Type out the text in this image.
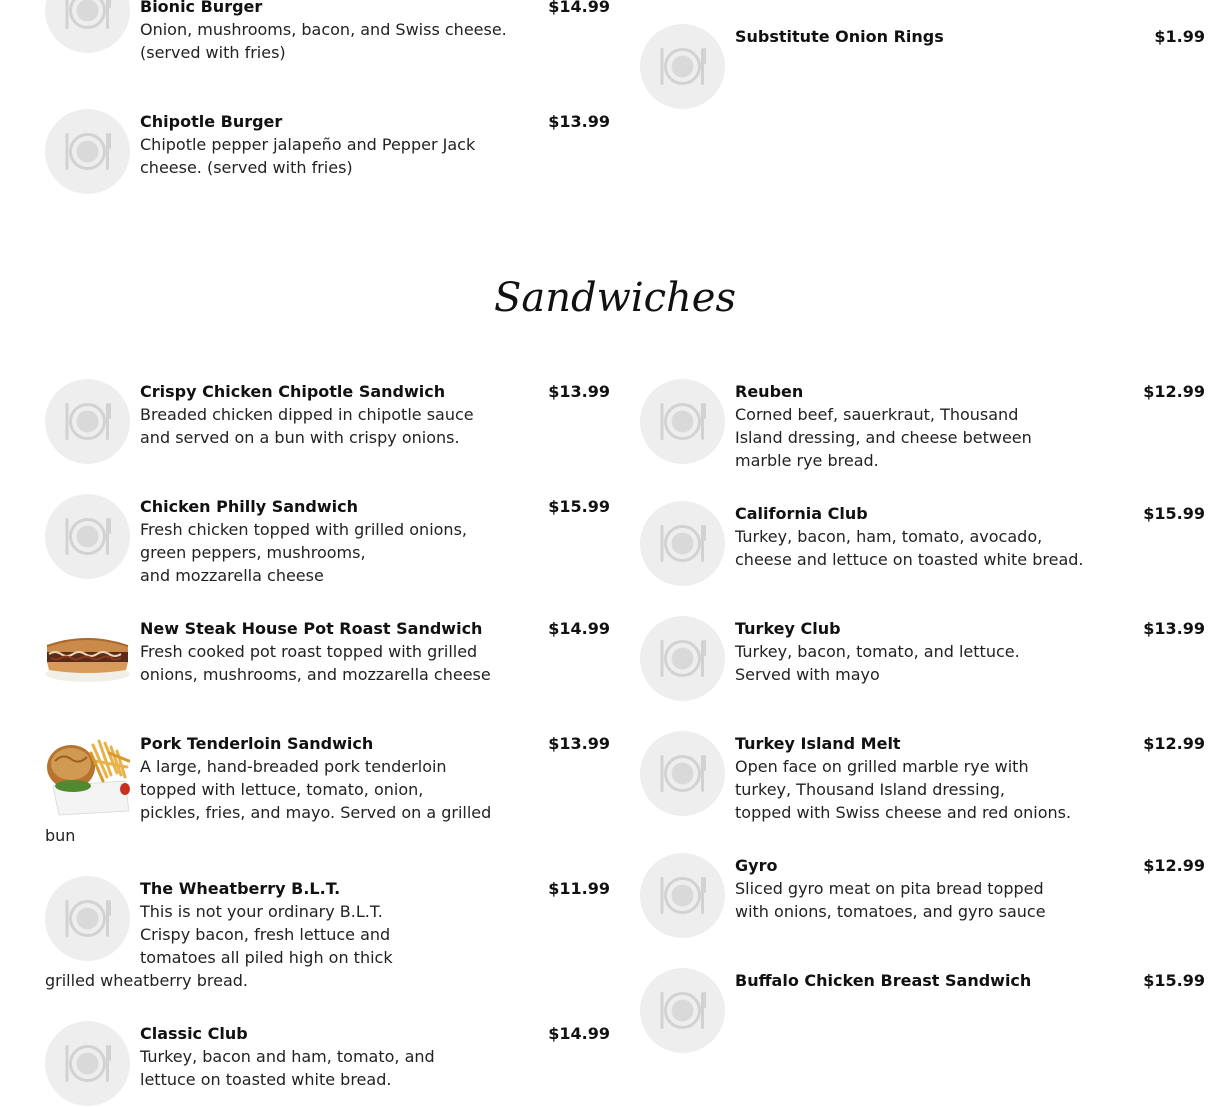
Bionic Burger	$14.99
Onion, mushrooms, bacon, and Swiss cheese.
(served with fries)
Chipotle Burger	$13.99
Chipotle pepper jalapeño and Pepper Jack
cheese. (served with fries)
Substitute Onion Rings	$1.99
Sandwiches
Crispy Chicken Chipotle Sandwich	$13.99
Breaded chicken dipped in chipotle sauce
and served on a bun with crispy onions.
Chicken Philly Sandwich	$15.99
Fresh chicken topped with grilled onions,
green peppers, mushrooms,
and mozzarella cheese
New Steak House Pot Roast Sandwich	$14.99
Fresh cooked pot roast topped with grilled
onions, mushrooms, and mozzarella cheese
Pork Tenderloin Sandwich	$13.99
A large, hand-breaded pork tenderloin
topped with lettuce, tomato, onion,
pickles, fries, and mayo. Served on a grilled
bun
The Wheatberry B.L.T.	$11.99
This is not your ordinary B.L.T.
Crispy bacon, fresh lettuce and
tomatoes all piled high on thick
grilled wheatberry bread.
Classic Club	$14.99
Turkey, bacon and ham, tomato, and
lettuce on toasted white bread.
Reuben	$12.99
Corned beef, sauerkraut, Thousand
Island dressing, and cheese between
marble rye bread.
California Club	$15.99
Turkey, bacon, ham, tomato, avocado,
cheese and lettuce on toasted white bread.
Turkey Club	$13.99
Turkey, bacon, tomato, and lettuce.
Served with mayo
Turkey Island Melt	$12.99
Open face on grilled marble rye with
turkey, Thousand Island dressing,
topped with Swiss cheese and red onions.
Gyro	$12.99
Sliced gyro meat on pita bread topped
with onions, tomatoes, and gyro sauce
Buffalo Chicken Breast Sandwich	$15.99
